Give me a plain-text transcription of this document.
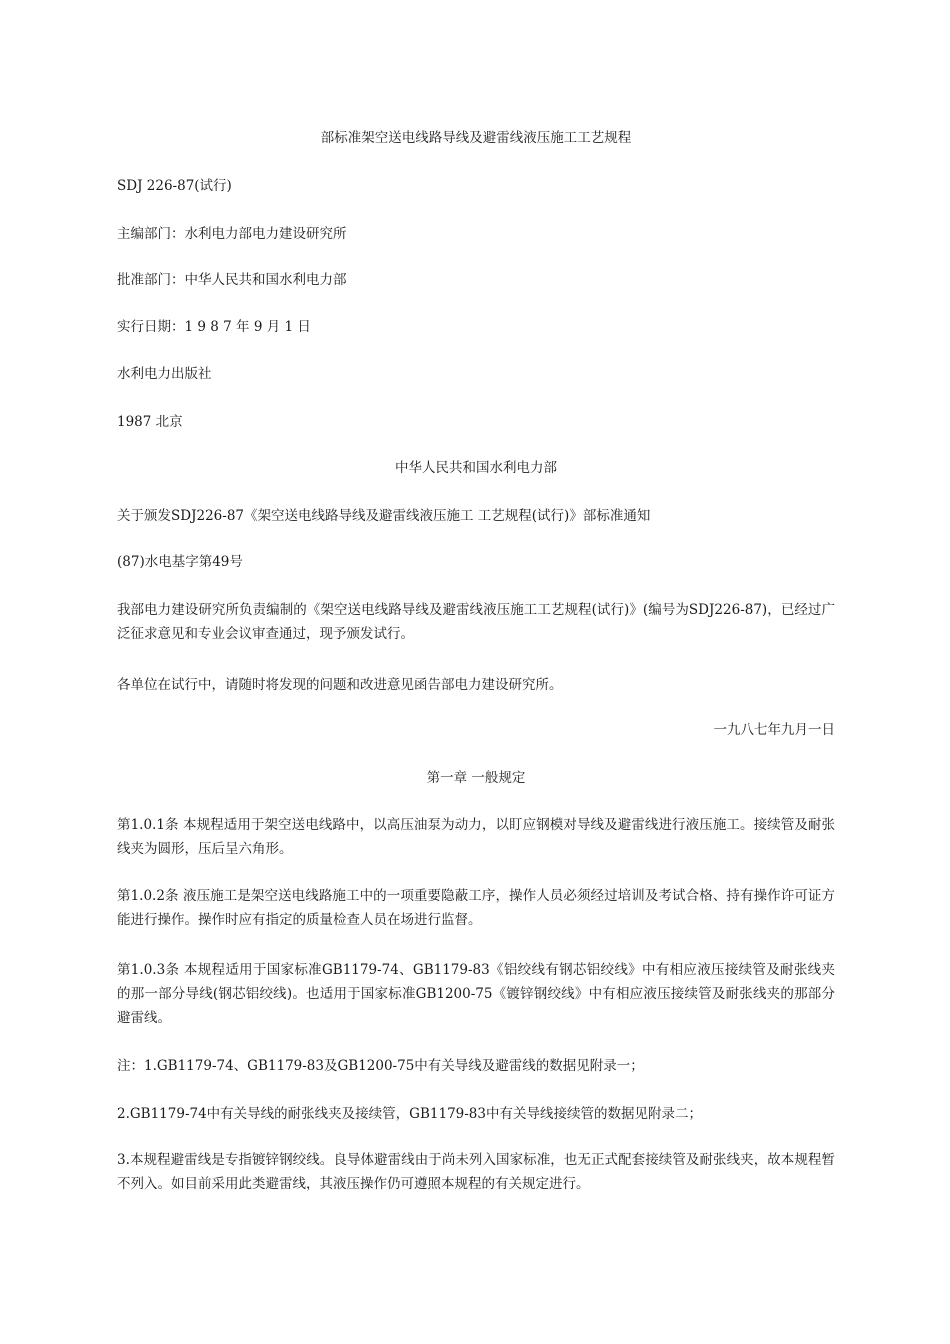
部标准架空送电线路导线及避雷线液压施工工艺规程

SDJ 226-87(试行)

主编部门：水利电力部电力建设研究所

批准部门：中华人民共和国水利电力部

实行日期：1 9 8 7 年 9 月 1 日

水利电力出版社

1987 北京

中华人民共和国水利电力部

关于颁发SDJ226-87《架空送电线路导线及避雷线液压施工 工艺规程(试行)》部标准通知

(87)水电基字第49号

我部电力建设研究所负责编制的《架空送电线路导线及避雷线液压施工工艺规程(试行)》(编号为SDJ226-87)，已经过广泛征求意见和专业会议审查通过，现予颁发试行。

各单位在试行中，请随时将发现的问题和改进意见函告部电力建设研究所。

一九八七年九月一日

第一章 一般规定

第1.0.1条 本规程适用于架空送电线路中，以高压油泵为动力，以盯应钢模对导线及避雷线进行液压施工。接续管及耐张线夹为圆形，压后呈六角形。

第1.0.2条 液压施工是架空送电线路施工中的一项重要隐蔽工序，操作人员必须经过培训及考试合格、持有操作许可证方能进行操作。操作时应有指定的质量检查人员在场进行监督。

第1.0.3条 本规程适用于国家标准GB1179-74、GB1179-83《铝绞线有钢芯铝绞线》中有相应液压接续管及耐张线夹的那一部分导线(钢芯铝绞线)。也适用于国家标准GB1200-75《镀锌钢绞线》中有相应液压接续管及耐张线夹的那部分避雷线。

注：1.GB1179-74、GB1179-83及GB1200-75中有关导线及避雷线的数据见附录一；

2.GB1179-74中有关导线的耐张线夹及接续管，GB1179-83中有关导线接续管的数据见附录二；

3.本规程避雷线是专指镀锌钢绞线。良导体避雷线由于尚未列入国家标准，也无正式配套接续管及耐张线夹，故本规程暂不列入。如目前采用此类避雷线，其液压操作仍可遵照本规程的有关规定进行。
